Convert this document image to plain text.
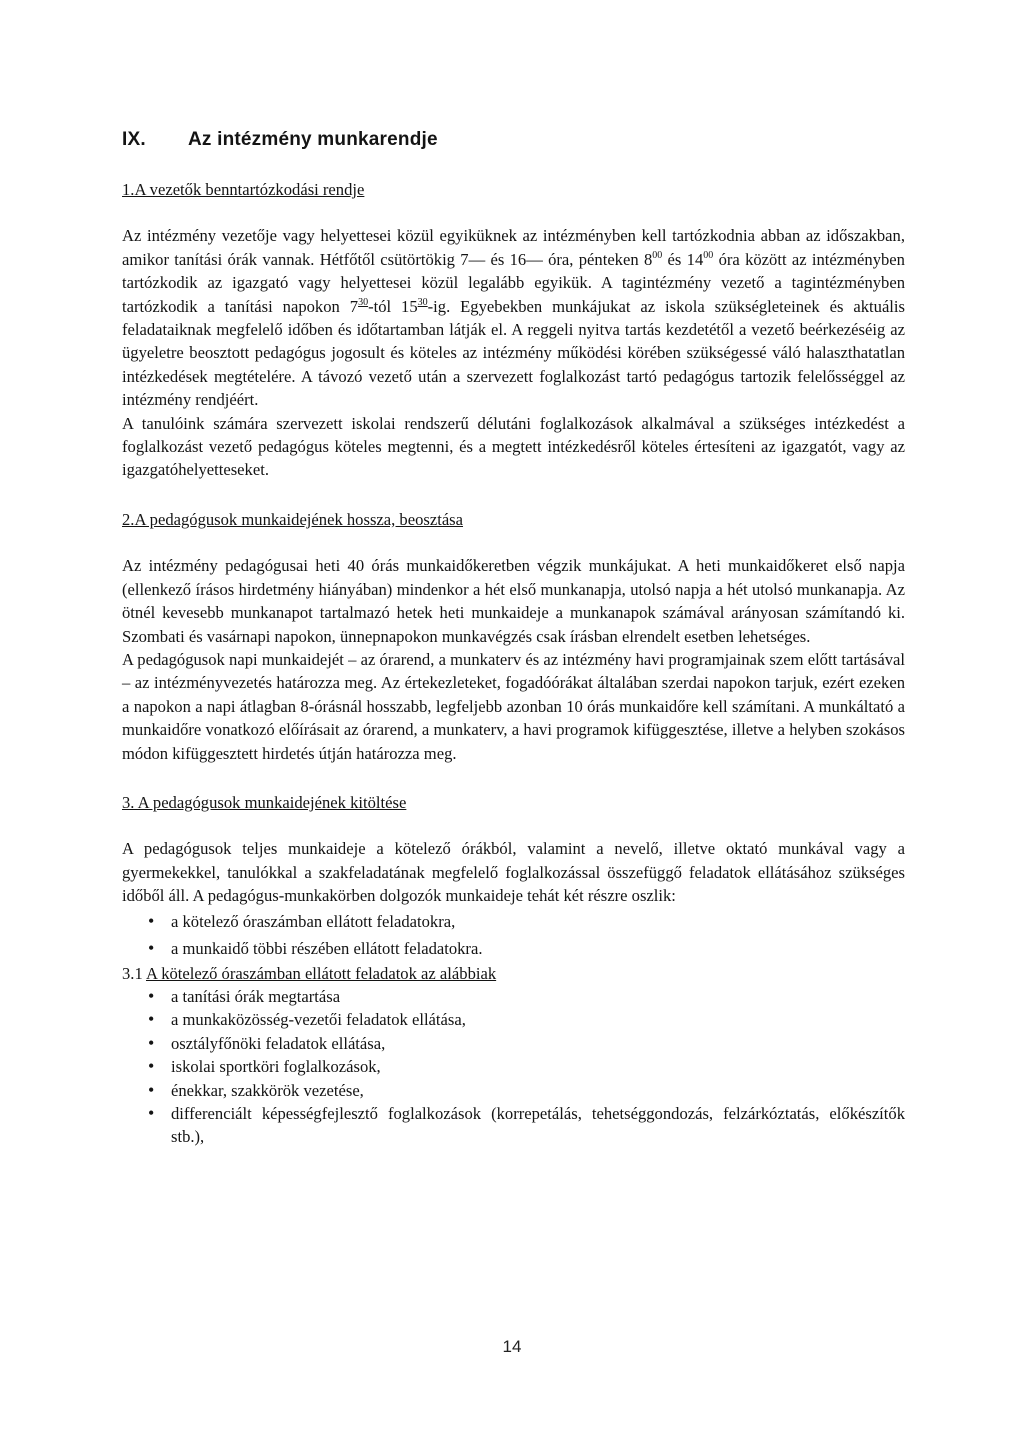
IX. Az intézmény munkarendje

1.A vezetők benntartózkodási rendje

Az intézmény vezetője vagy helyettesei közül egyiküknek az intézményben kell tartózkodnia abban az időszakban, amikor tanítási órák vannak. Hétfőtől csütörtökig 7— és 16— óra, pénteken $8^{00}$ és $14^{00}$ óra között az intézményben tartózkodik az igazgató vagy helyettesei közül legalább egyikük. A tagintézmény vezető a tagintézményben tartózkodik a tanítási napokon $7^{30}$-tól $15^{30}-ig$. Egyebekben munkájukat az iskola szükségleteinek és aktuális feladataiknak megfelelő időben és időtartamban látják el. A reggeli nyitva tartás kezdetétől a vezető beérkezéséig az ügyeletre beosztott pedagógus jogosult és köteles az intézmény működési körében szükségessé váló halaszthatatlan intézkedések megtételére. A távozó vezető után a szervezett foglalkozást tartó pedagógus tartozik felelősséggel az intézmény rendjéért.

A tanulóink számára szervezett iskolai rendszerű délutáni foglalkozások alkalmával a szükséges intézkedést a foglalkozást vezető pedagógus köteles megtenni, és a megtett intézkedésről köteles értesíteni az igazgatót, vagy az igazgatóhelyetteseket.

2.A pedagógusok munkaidejének hossza, beosztása

Az intézmény pedagógusai heti 40 órás munkaidőkeretben végzik munkájukat. A heti munkaidőkeret első napja (ellenkező írásos hirdetmény hiányában) mindenkor a hét első munkanapja, utolsó napja a hét utolsó munkanapja. Az ötnél kevesebb munkanapot tartalmazó hetek heti munkaideje a munkanapok számával arányosan számítandó ki. Szombati és vasárnapi napokon, ünnepnapokon munkavégzés csak írásban elrendelt esetben lehetséges.

A pedagógusok napi munkaidejét – az órarend, a munkaterv és az intézmény havi programjainak szem előtt tartásával – az intézményvezetés határozza meg. Az értekezleteket, fogadóórákat általában szerdai napokon tarjuk, ezért ezeken a napokon a napi átlagban 8-órásnál hosszabb, legfeljebb azonban 10 órás munkaidőre kell számítani. A munkáltató a munkaidőre vonatkozó előírásait az órarend, a munkaterv, a havi programok kifüggesztése, illetve a helyben szokásos módon kifüggesztett hirdetés útján határozza meg.

3. A pedagógusok munkaidejének kitöltése

A pedagógusok teljes munkaideje a kötelező órákból, valamint a nevelő, illetve oktató munkával vagy a gyermekekkel, tanulókkal a szakfeladatának megfelelő foglalkozással összefüggő feladatok ellátásához szükséges időből áll. A pedagógus-munkakörben dolgozók munkaideje tehát két részre oszlik:

• a kötelező óraszámban ellátott feladatokra,
• a munkaidő többi részében ellátott feladatokra.

3.1 A kötelező óraszámban ellátott feladatok az alábbiak

• a tanítási órák megtartása
• a munkaközösség-vezetői feladatok ellátása,
• osztályfőnöki feladatok ellátása,
• iskolai sportköri foglalkozások,
• énekkar, szakkörök vezetése,
• differenciált képességfejlesztő foglalkozások (korrepetálás, tehetséggondozás, felzárkóztatás, előkészítők stb.),
14
